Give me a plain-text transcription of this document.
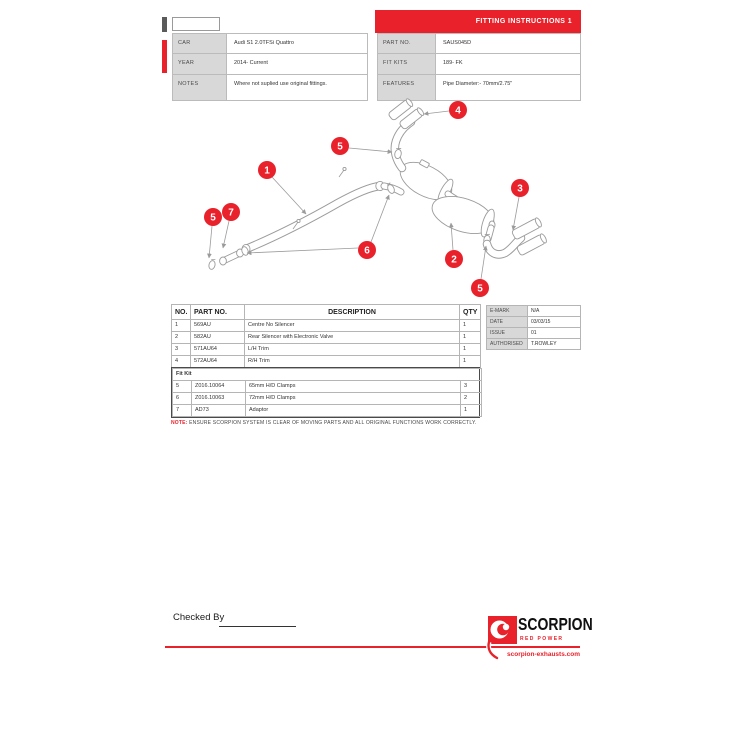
FITTING INSTRUCTIONS 1
CAR	Audi S1 2.0TFSi Quattro
YEAR	2014- Current
NOTES	Where not suplied use original fittings.
PART NO.	SAUS045D
FIT KITS	189- FK
FEATURES	Pipe Diameter:- 70mm/2.75"
1
4
5
3
5 7
6
2
5
NO.	PART NO.	DESCRIPTION	QTY
1	569AU	Centre No Silencer	1
2	582AU	Rear Silencer with Electronic Valve	1
3	571AU64	L/H Trim	1
4	572AU64	R/H Trim	1
Fit Kit			
5	Z016.10064	65mm H/D Clamps	3
6	Z016.10063	72mm H/D Clamps	2
7	AD73	Adaptor	1
NOTE: ENSURE SCORPION SYSTEM IS CLEAR OF MOVING PARTS AND ALL ORIGINAL FUNCTIONS WORK CORRECTLY.
E-MARK	N/A
DATE	03/03/15
ISSUE	01
AUTHORISED	T.ROWLEY
Checked By	SCORPION
RED POWER
scorpion-exhausts.com
